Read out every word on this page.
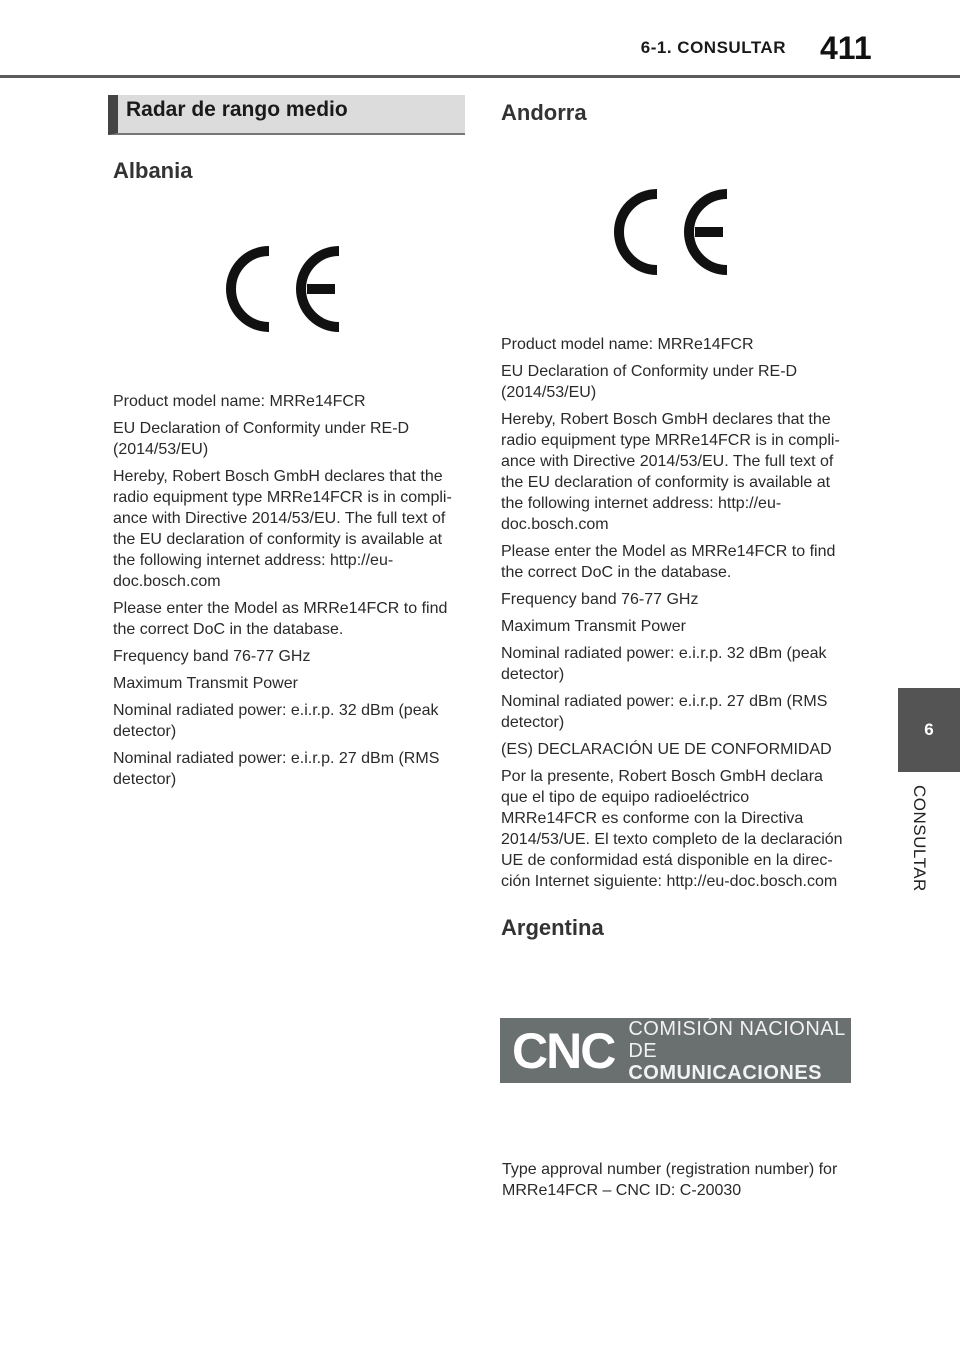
6-1. CONSULTAR 411
6
CONSULTAR
Radar de rango medio
Albania

Product model name: MRRe14FCR

EU Declaration of Conformity under RE-D (2014/53/EU)

Hereby, Robert Bosch GmbH declares that the radio equipment type MRRe14FCR is in compli-ance with Directive 2014/53/EU. The full text of the EU declaration of conformity is available at the following internet address: http://eu-doc.bosch.com

Please enter the Model as MRRe14FCR to find the correct DoC in the database.

Frequency band 76-77 GHz

Maximum Transmit Power

Nominal radiated power: e.i.r.p. 32 dBm (peak detector)

Nominal radiated power: e.i.r.p. 27 dBm (RMS detector)

Andorra

Product model name: MRRe14FCR

EU Declaration of Conformity under RE-D (2014/53/EU)

Hereby, Robert Bosch GmbH declares that the radio equipment type MRRe14FCR is in compli-ance with Directive 2014/53/EU. The full text of the EU declaration of conformity is available at the following internet address: http://eu-doc.bosch.com

Please enter the Model as MRRe14FCR to find the correct DoC in the database.

Frequency band 76-77 GHz

Maximum Transmit Power

Nominal radiated power: e.i.r.p. 32 dBm (peak detector)

Nominal radiated power: e.i.r.p. 27 dBm (RMS detector)

(ES) DECLARACIÓN UE DE CONFORMIDAD

Por la presente, Robert Bosch GmbH declara que el tipo de equipo radioeléctrico MRRe14FCR es conforme con la Directiva 2014/53/UE. El texto completo de la declaración UE de conformidad está disponible en la direc-ción Internet siguiente: http://eu-doc.bosch.com

Argentina
CNC COMISIÓN NACIONAL
DE COMUNICACIONES

Type approval number (registration number) for MRRe14FCR – CNC ID: C-20030
